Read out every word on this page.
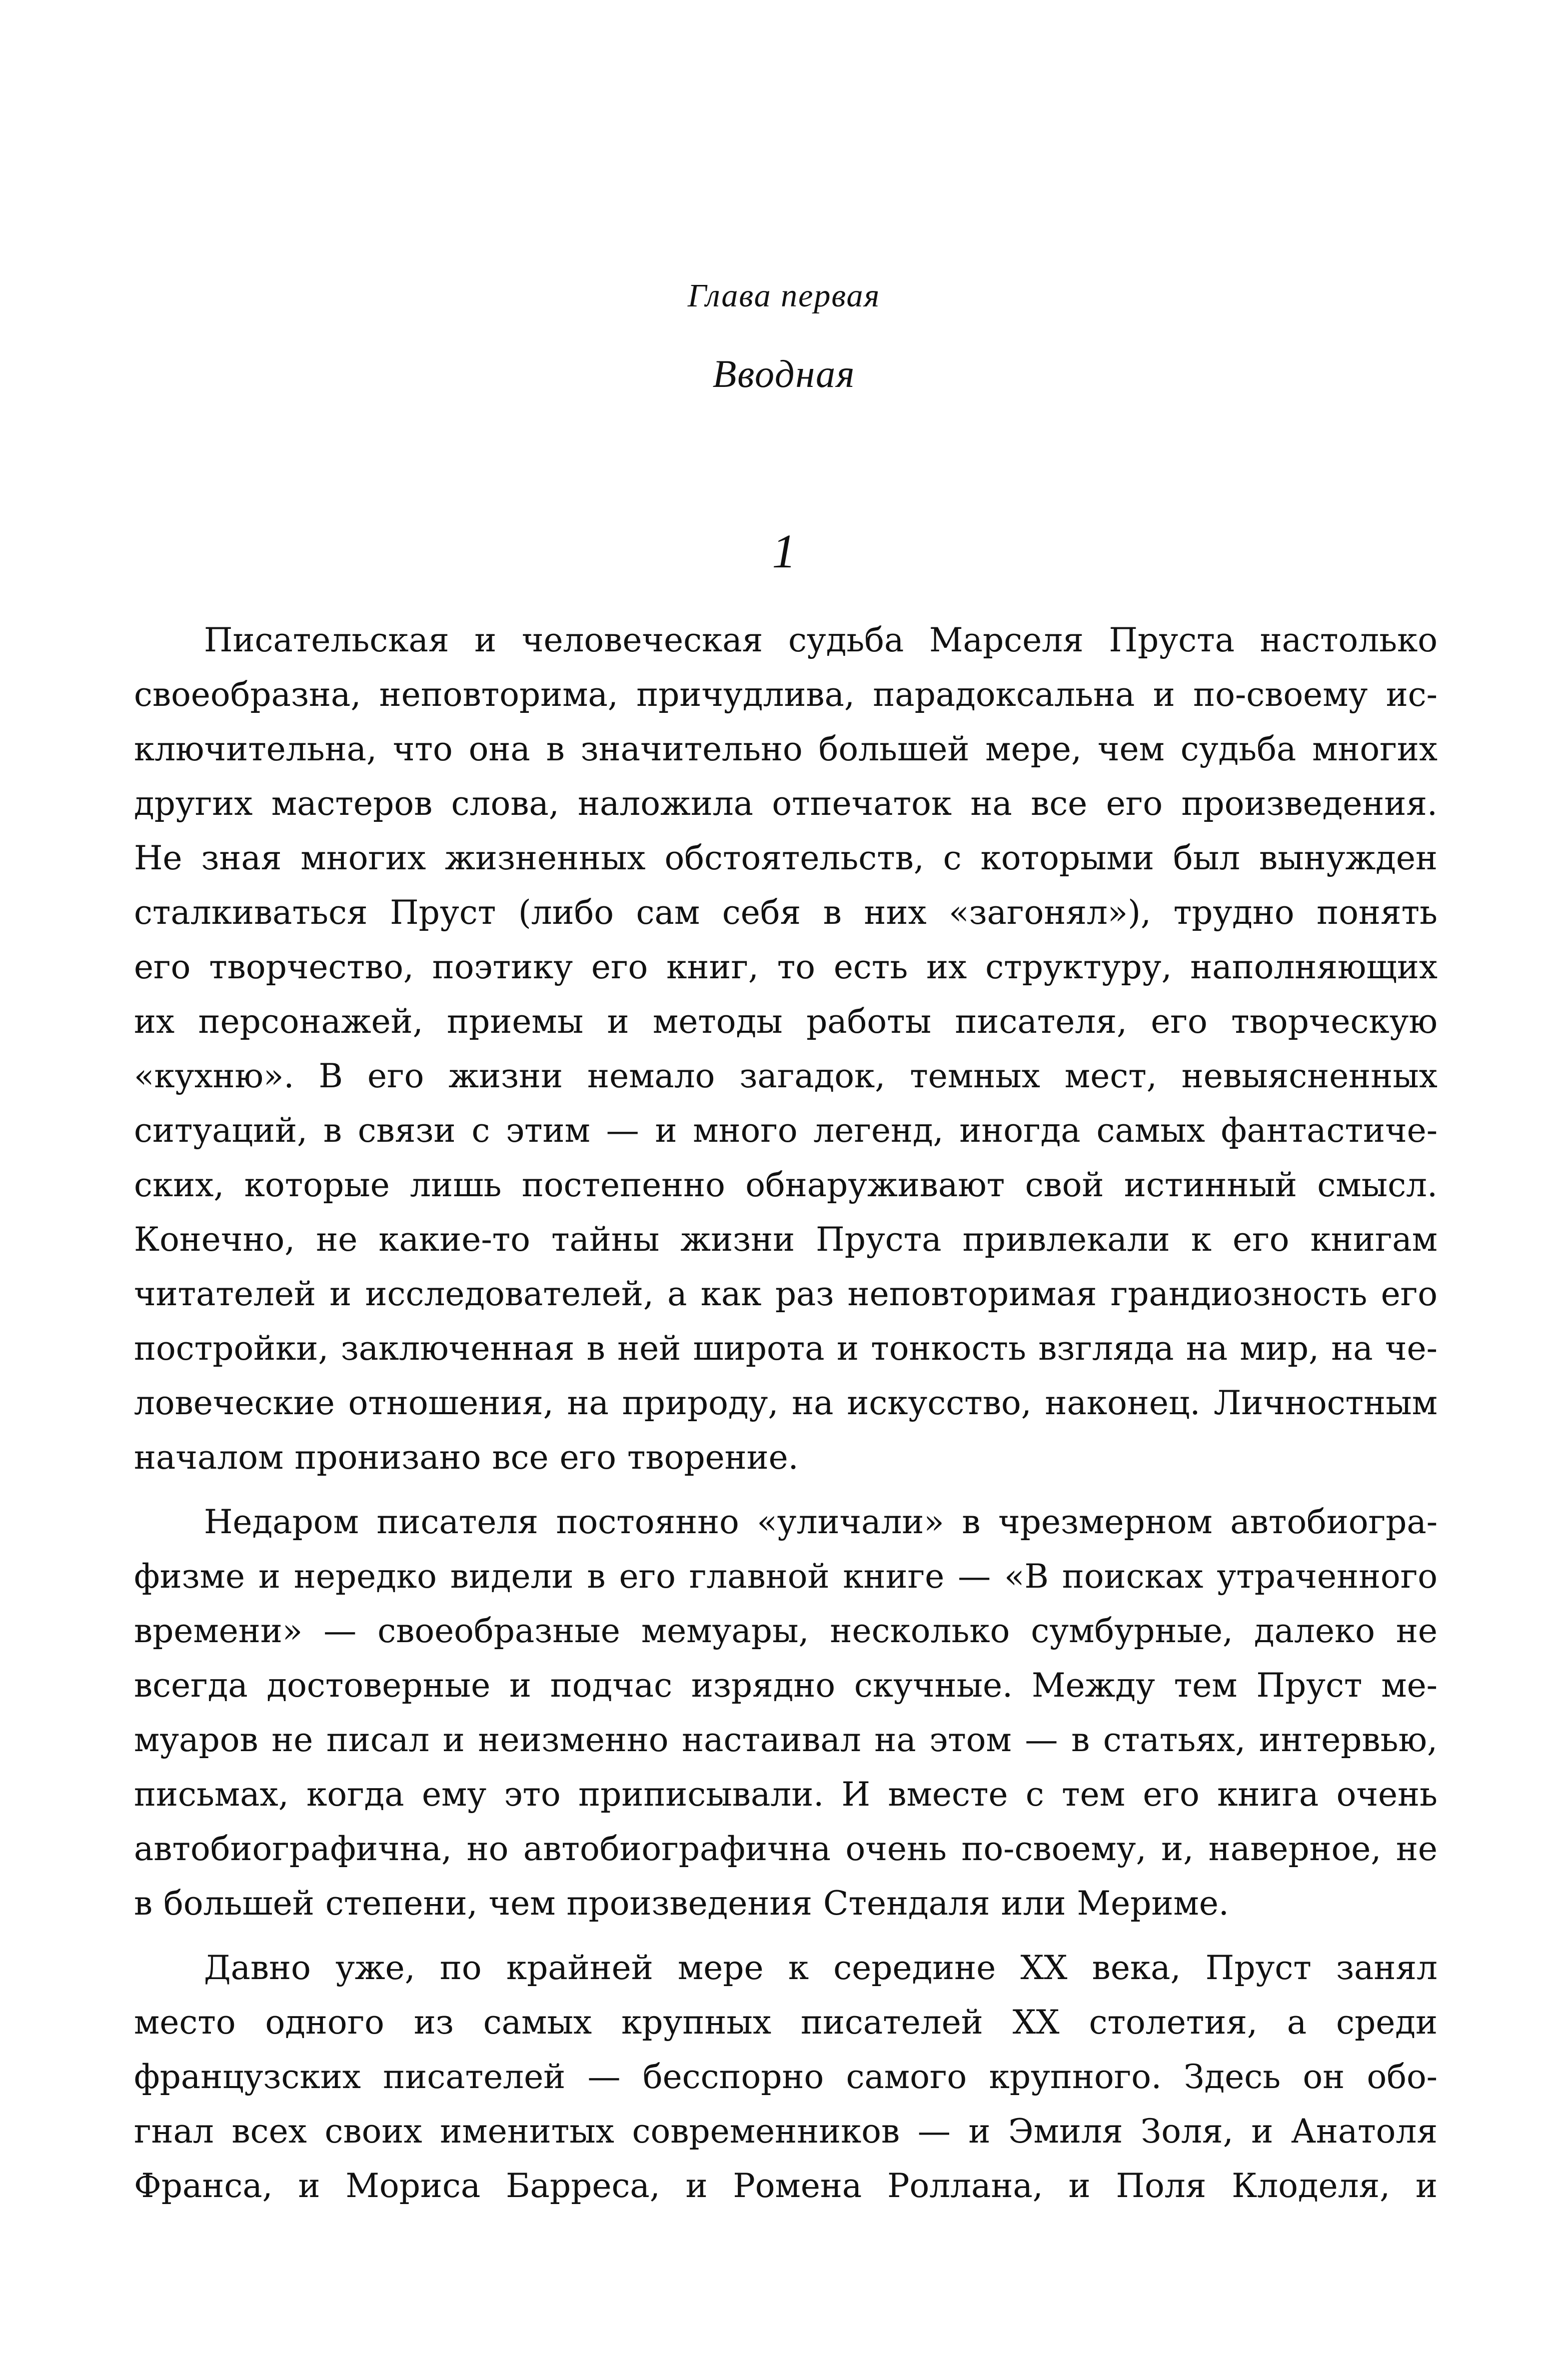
Глава первая
Вводная
1
Писательская и человеческая судьба Марселя Пруста настолько
своеобразна, неповторима, причудлива, парадоксальна и по-своему ис-
ключительна, что она в значительно большей мере, чем судьба многих
других мастеров слова, наложила отпечаток на все его произведения.
Не зная многих жизненных обстоятельств, с которыми был вынужден
сталкиваться Пруст (либо сам себя в них «загонял»), трудно понять
его творчество, поэтику его книг, то есть их структуру, наполняющих
их персонажей, приемы и методы работы писателя, его творческую
«кухню». В его жизни немало загадок, темных мест, невыясненных
ситуаций, в связи с этим — и много легенд, иногда самых фантастиче-
ских, которые лишь постепенно обнаруживают свой истинный смысл.
Конечно, не какие-то тайны жизни Пруста привлекали к его книгам
читателей и исследователей, а как раз неповторимая грандиозность его
постройки, заключенная в ней широта и тонкость взгляда на мир, на че-
ловеческие отношения, на природу, на искусство, наконец. Личностным
началом пронизано все его творение.
Недаром писателя постоянно «уличали» в чрезмерном автобиогра-
физме и нередко видели в его главной книге — «В поисках утраченного
времени» — своеобразные мемуары, несколько сумбурные, далеко не
всегда достоверные и подчас изрядно скучные. Между тем Пруст ме-
муаров не писал и неизменно настаивал на этом — в статьях, интервью,
письмах, когда ему это приписывали. И вместе с тем его книга очень
автобиографична, но автобиографична очень по-своему, и, наверное, не
в большей степени, чем произведения Стендаля или Мериме.
Давно уже, по крайней мере к середине XX века, Пруст занял
место одного из самых крупных писателей XX столетия, а среди
французских писателей — бесспорно самого крупного. Здесь он обо-
гнал всех своих именитых современников — и Эмиля Золя, и Анатоля
Франса, и Мориса Барреса, и Ромена Роллана, и Поля Клоделя, и
